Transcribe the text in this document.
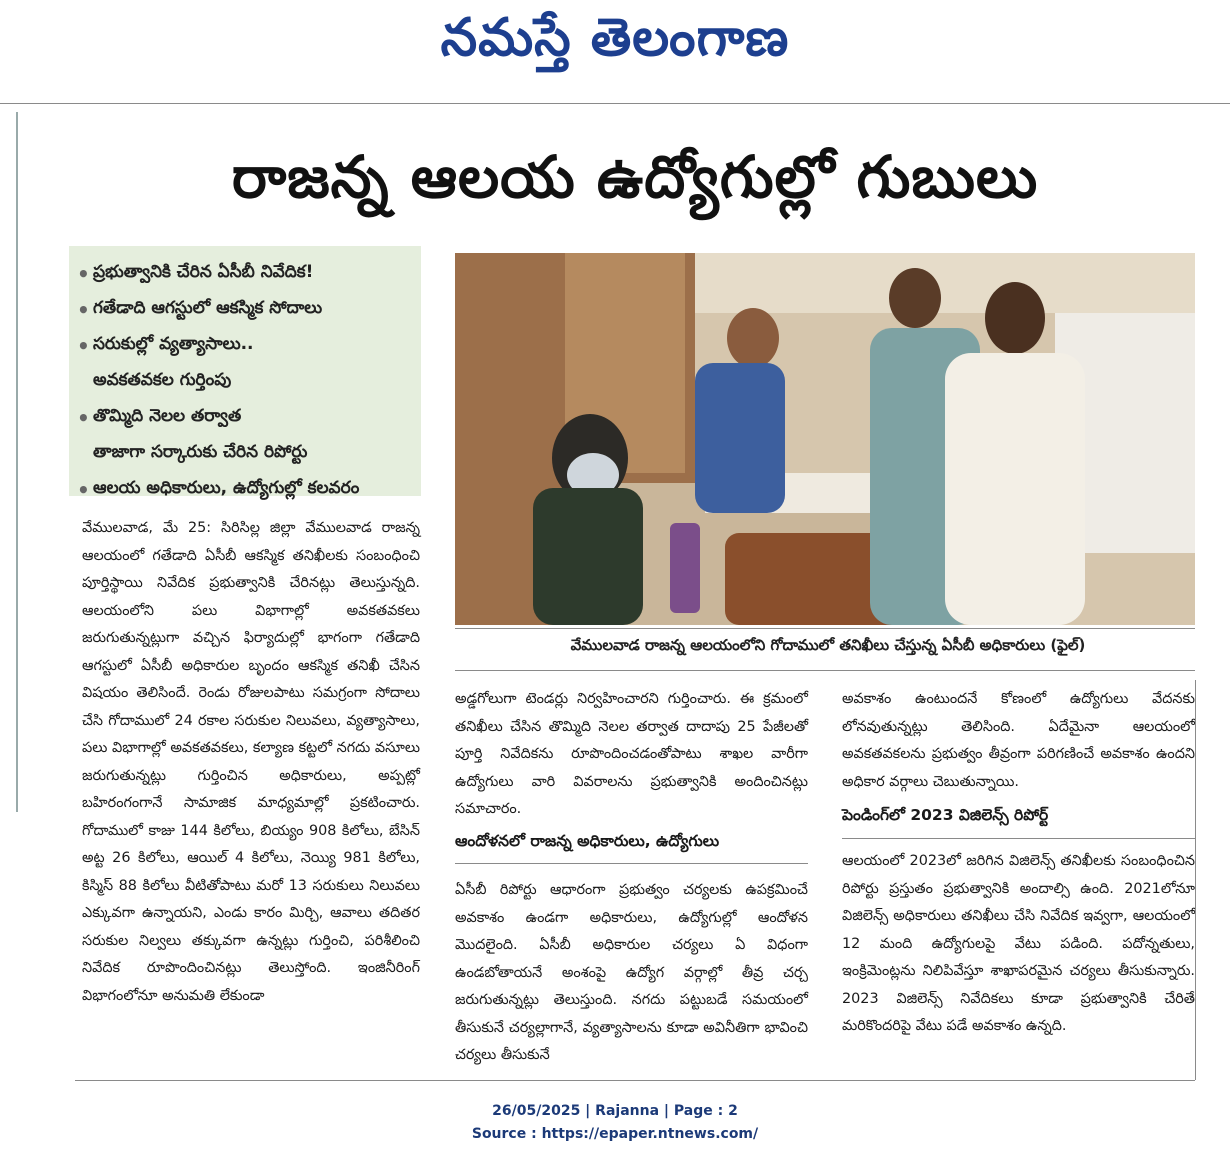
నమస్తే తెలంగాణ
రాజన్న ఆలయ ఉద్యోగుల్లో గుబులు
• ప్రభుత్వానికి చేరిన ఏసీబీ నివేదిక!
• గతేడాది ఆగస్టులో ఆకస్మిక సోదాలు
• సరుకుల్లో వ్యత్యాసాలు..
అవకతవకల గుర్తింపు
• తొమ్మిది నెలల తర్వాత
తాజాగా సర్కారుకు చేరిన రిపోర్టు
• ఆలయ అధికారులు, ఉద్యోగుల్లో కలవరం
వేములవాడ రాజన్న ఆలయంలోని గోదాములో తనిఖీలు చేస్తున్న ఏసీబీ అధికారులు (ఫైల్)

వేములవాడ, మే 25: సిరిసిల్ల జిల్లా వేములవాడ రాజన్న ఆలయంలో గతేడాది ఏసీబీ ఆకస్మిక తనిఖీలకు సంబంధించి పూర్తిస్థాయి నివేదిక ప్రభుత్వానికి చేరినట్లు తెలుస్తున్నది. ఆలయంలోని పలు విభాగాల్లో అవకతవకలు జరుగుతున్నట్లుగా వచ్చిన ఫిర్యాదుల్లో భాగంగా గతేడాది ఆగస్టులో ఏసీబీ అధికారుల బృందం ఆకస్మిక తనిఖీ చేసిన విషయం తెలిసిందే. రెండు రోజులపాటు సమగ్రంగా సోదాలు చేసి గోదాములో 24 రకాల సరుకుల నిలువలు, వ్యత్యాసాలు, పలు విభాగాల్లో అవకతవకలు, కల్యాణ కట్టలో నగదు వసూలు జరుగుతున్నట్లు గుర్తించిన అధికారులు, అప్పట్లో బహిరంగంగానే సామాజిక మాధ్యమాల్లో ప్రకటించారు. గోదాములో కాజు 144 కిలోలు, బియ్యం 908 కిలోలు, బేసిన్ అట్ట 26 కిలోలు, ఆయిల్ 4 కిలోలు, నెయ్యి 981 కిలోలు, కిస్మిస్ 88 కిలోలు వీటితోపాటు మరో 13 సరుకులు నిలువలు ఎక్కువగా ఉన్నాయని, ఎండు కారం మిర్చి, ఆవాలు తదితర సరుకుల నిల్వలు తక్కువగా ఉన్నట్లు గుర్తించి, పరిశీలించి నివేదిక రూపొందించినట్లు తెలుస్తోంది. ఇంజినీరింగ్ విభాగంలోనూ అనుమతి లేకుండా

అడ్డగోలుగా టెండర్లు నిర్వహించారని గుర్తించారు. ఈ క్రమంలో తనిఖీలు చేసిన తొమ్మిది నెలల తర్వాత దాదాపు 25 పేజీలతో పూర్తి నివేదికను రూపొందించడంతోపాటు శాఖల వారీగా ఉద్యోగులు వారి వివరాలను ప్రభుత్వానికి అందించినట్లు సమాచారం.

ఆందోళనలో రాజన్న అధికారులు, ఉద్యోగులు

ఏసీబీ రిపోర్టు ఆధారంగా ప్రభుత్వం చర్యలకు ఉపక్రమించే అవకాశం ఉండగా అధికారులు, ఉద్యోగుల్లో ఆందోళన మొదలైంది. ఏసీబీ అధికారుల చర్యలు ఏ విధంగా ఉండబోతాయనే అంశంపై ఉద్యోగ వర్గాల్లో తీవ్ర చర్చ జరుగుతున్నట్లు తెలుస్తుంది. నగదు పట్టుబడే సమయంలో తీసుకునే చర్యల్లాగానే, వ్యత్యాసాలను కూడా అవినీతిగా భావించి చర్యలు తీసుకునే

అవకాశం ఉంటుందనే కోణంలో ఉద్యోగులు వేదనకు లోనవుతున్నట్లు తెలిసింది. ఏదేమైనా ఆలయంలో అవకతవకలను ప్రభుత్వం తీవ్రంగా పరిగణించే అవకాశం ఉందని అధికార వర్గాలు చెబుతున్నాయి.

పెండింగ్‌లో 2023 విజిలెన్స్ రిపోర్ట్

ఆలయంలో 2023లో జరిగిన విజిలెన్స్ తనిఖీలకు సంబంధించిన రిపోర్టు ప్రస్తుతం ప్రభుత్వానికి అందాల్సి ఉంది. 2021లోనూ విజిలెన్స్ అధికారులు తనిఖీలు చేసి నివేదిక ఇవ్వగా, ఆలయంలో 12 మంది ఉద్యోగులపై వేటు పడింది. పదోన్నతులు, ఇంక్రిమెంట్లను నిలిపివేస్తూ శాఖాపరమైన చర్యలు తీసుకున్నారు. 2023 విజిలెన్స్ నివేదికలు కూడా ప్రభుత్వానికి చేరితే మరికొందరిపై వేటు పడే అవకాశం ఉన్నది.

26/05/2025 | Rajanna | Page : 2
Source : https://epaper.ntnews.com/
